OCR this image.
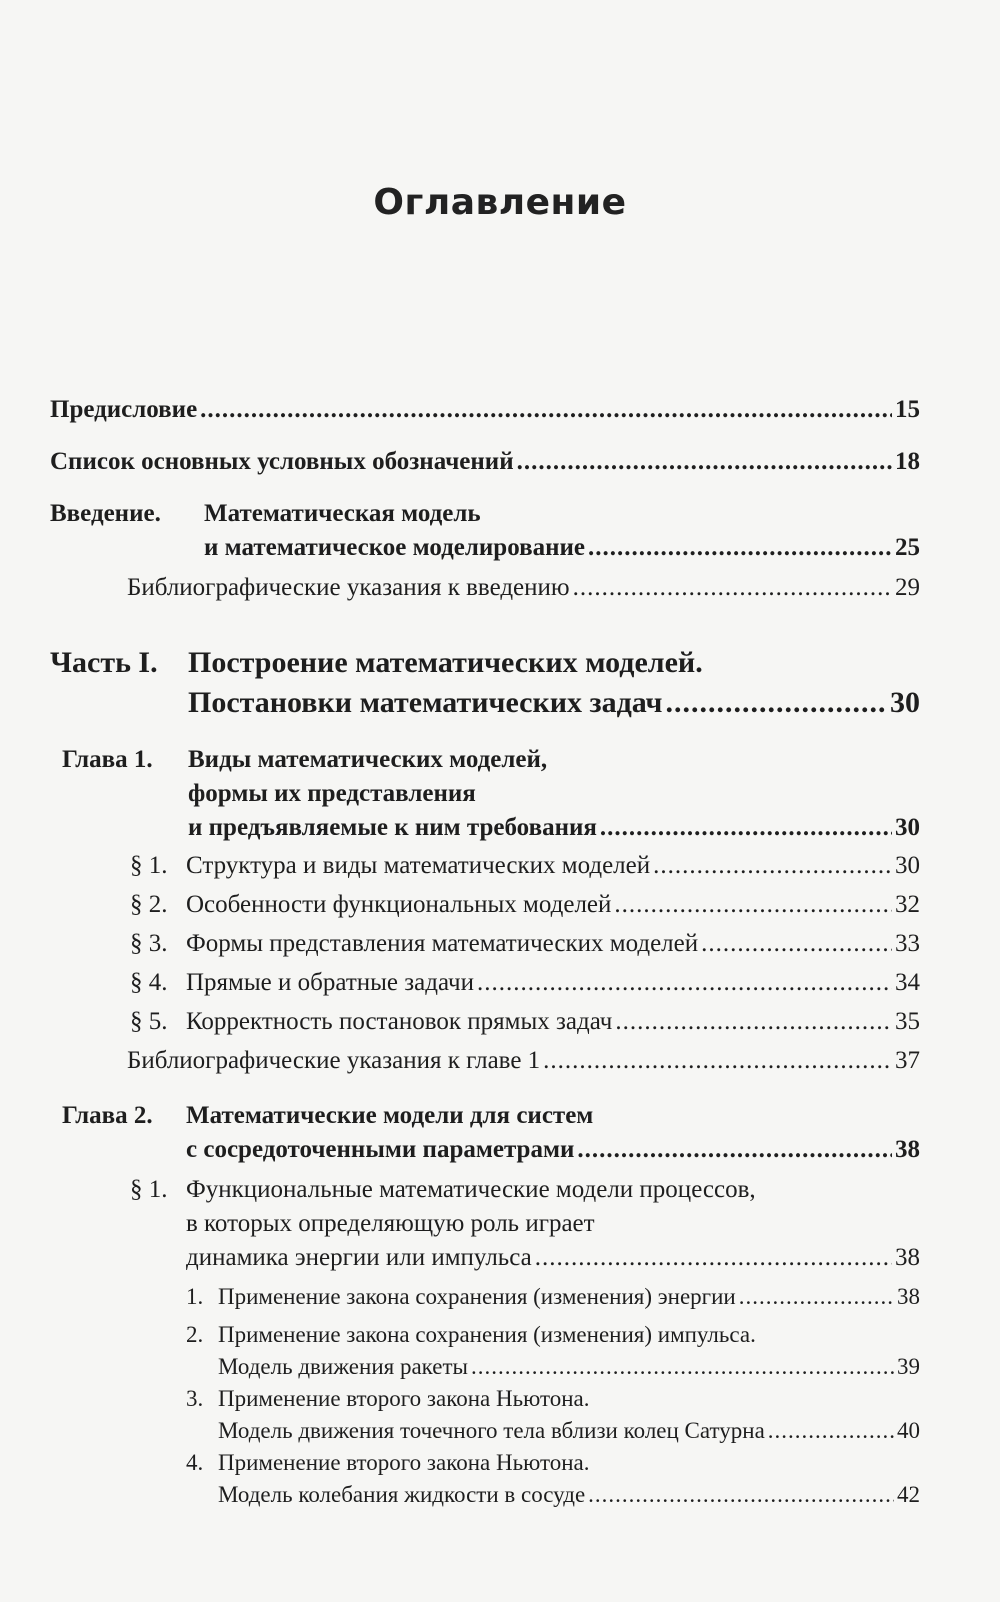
Оглавление
Предисловие .....	15
Список основных условных обозначений .....	18
Введение. Математическая модель
и математическое моделирование .....	25
Библиографические указания к введению .....	29
Часть I. Построение математических моделей.
Постановки математических задач .....	30
Глава 1. Виды математических моделей,
формы их представления
и предъявляемые к ним требования .....	30
§ 1. Структура и виды математических моделей .....	30
§ 2. Особенности функциональных моделей .....	32
§ 3. Формы представления математических моделей .....	33
§ 4. Прямые и обратные задачи .....	34
§ 5. Корректность постановок прямых задач .....	35
Библиографические указания к главе 1 .....	37
Глава 2. Математические модели для систем
с сосредоточенными параметрами .....	38
§ 1. Функциональные математические модели процессов,
в которых определяющую роль играет
динамика энергии или импульса .....	38
1. Применение закона сохранения (изменения) энергии .....	38
2. Применение закона сохранения (изменения) импульса.
Модель движения ракеты .....	39
3. Применение второго закона Ньютона.
Модель движения точечного тела вблизи колец Сатурна .....	40
4. Применение второго закона Ньютона.
Модель колебания жидкости в сосуде .....	42
